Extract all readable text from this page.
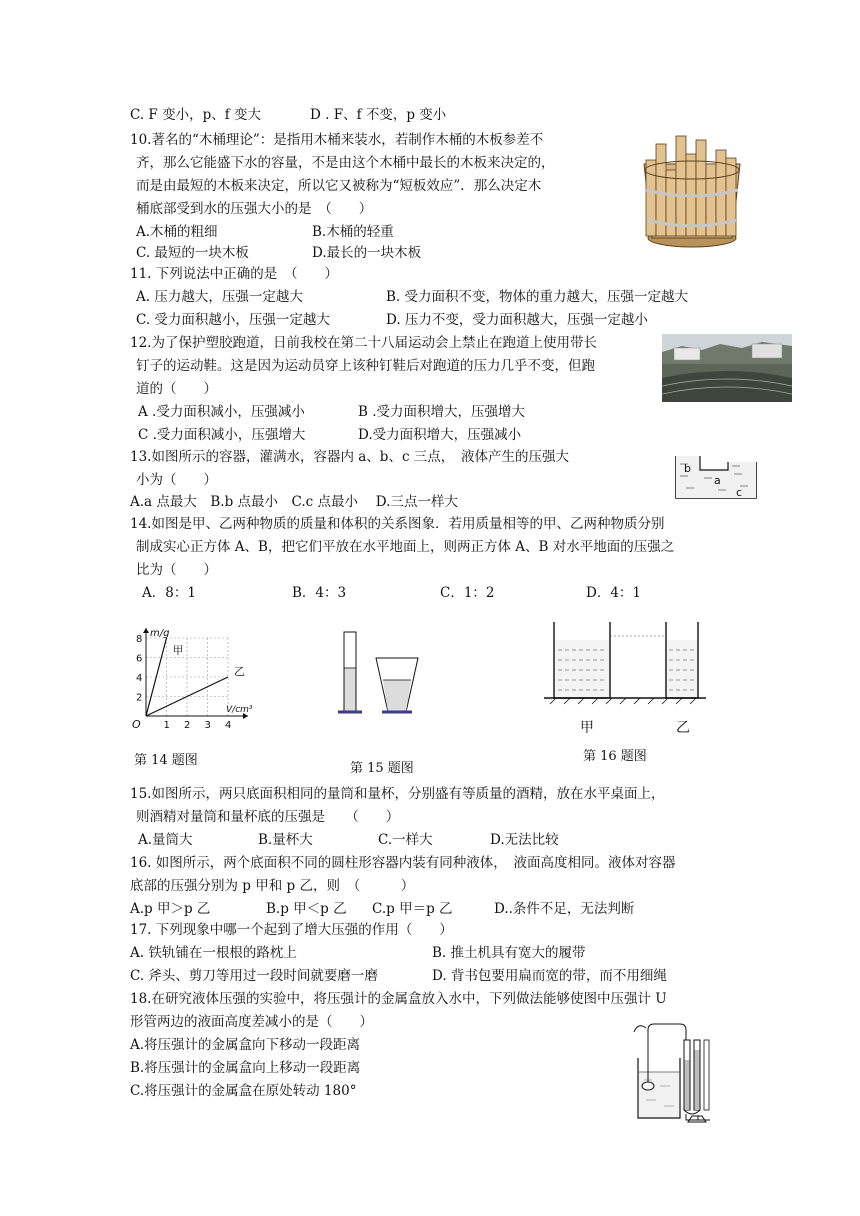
C. F 变小，p、f 变大	D . F、f 不变，p 变小
10.著名的“木桶理论”：是指用木桶来装水，若制作木桶的木板参差不
齐，那么它能盛下水的容量，不是由这个木桶中最长的木板来决定的，
而是由最短的木板来决定，所以它又被称为“短板效应”．那么决定木
桶底部受到水的压强大小的是　（　　）
A.木桶的粗细	B.木桶的轻重
C. 最短的一块木板	D.最长的一块木板
11. 下列说法中正确的是　（　　）
A. 压力越大，压强一定越大	B. 受力面积不变，物体的重力越大，压强一定越大
C. 受力面积越小，压强一定越大	D. 压力不变，受力面积越大，压强一定越小
12.为了保护塑胶跑道，日前我校在第二十八届运动会上禁止在跑道上使用带长
钉子的运动鞋。这是因为运动员穿上该种钉鞋后对跑道的压力几乎不变，但跑
道的（　　）
A .受力面积减小，压强减小	B .受力面积增大，压强增大
C .受力面积减小，压强增大	D.受力面积增大，压强减小
13.如图所示的容器，灌满水，容器内 a、b、c 三点，　液体产生的压强大
小为（　　）
A.a 点最大　B.b 点最小　C.c 点最小　 D.三点一样大
b
a
c
14.如图是甲、乙两种物质的质量和体积的关系图象．若用质量相等的甲、乙两种物质分别
制成实心正方体 A、B，把它们平放在水平地面上，则两正方体 A、B 对水平地面的压强之
比为（　　）
A．8：1	B．4：3	C．1：2	D．4：1
1 2 3 4
2
4
6
8
O
m/g
V/cm³
甲
乙
甲	乙
第 14 题图
第 15 题图
第 16 题图
15.如图所示，两只底面积相同的量筒和量杯，分别盛有等质量的酒精，放在水平桌面上，
则酒精对量筒和量杯底的压强是　　（　　）
A.量筒大	B.量杯大	C.一样大	D.无法比较
16. 如图所示，两个底面积不同的圆柱形容器内装有同种液体，　液面高度相同。液体对容器
底部的压强分别为 p 甲和 p 乙，则　（　　　）
A.p 甲＞p 乙	B.p 甲＜p 乙 C.p 甲＝p 乙	D..条件不足，无法判断
17. 下列现象中哪一个起到了增大压强的作用（　　）
A. 铁轨铺在一根根的路枕上	B. 推土机具有宽大的履带
C. 斧头、剪刀等用过一段时间就要磨一磨	D. 背书包要用扁而宽的带，而不用细绳
18.在研究液体压强的实验中，将压强计的金属盒放入水中，下列做法能够使图中压强计 U
形管两边的液面高度差减小的是（　　）
A.将压强计的金属盒向下移动一段距离
B.将压强计的金属盒向上移动一段距离
C.将压强计的金属盒在原处转动 180°
